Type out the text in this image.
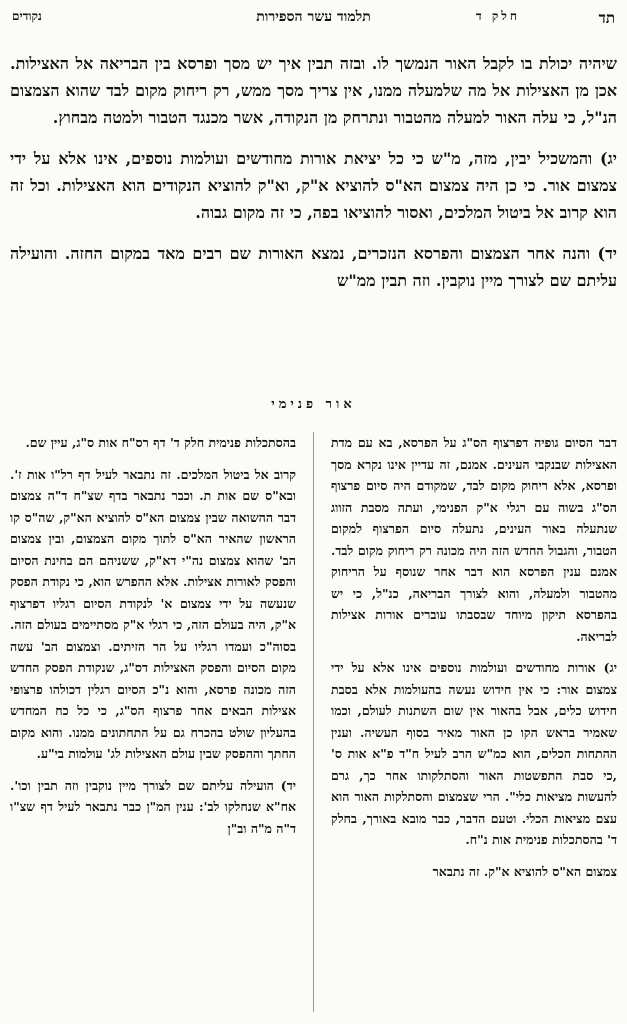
תד
חלק ד
תלמוד עשר הספירות
נקודים

שיהיה יכולת בו לקבל האור הנמשך לו. ובזה תבין איך יש מסך ופרסא בין הבריאה אל האצילות. אכן מן האצילות אל מה שלמעלה ממנו, אין צריך מסך ממש, רק ריחוק מקום לבד שהוא הצמצום הנ"ל, כי עלה האור למעלה מהטבור ונתרחק מן הנקודה, אשר מכנגד הטבור ולמטה מבחוץ.

יג) והמשכיל יבין, מזה, מ"ש כי כל יציאת אורות מחודשים ועולמות נוספים, אינו אלא על ידי צמצום אור. כי כן היה צמצום הא"ס להוציא א"ק, וא"ק להוציא הנקודים הוא האצילות. וכל זה הוא קרוב אל ביטול המלכים, ואסור להוציאו בפה, כי זה מקום גבוה.

יד) והנה אחר הצמצום והפרסא הנזכרים, נמצא האורות שם רבים מאד במקום החזה. והועילה עליתם שם לצורך מיין נוקבין. וזה תבין ממ"ש

אור פנימי

דבר הסיום גופיה דפרצוף הס"ג על הפרסא, בא עם מדת האצילות שבנקבי העינים. אמנם, זה עדיין אינו נקרא מסך ופרסא, אלא ריחוק מקום לבד, שמקודם היה סיום פרצוף הס"ג בשוה עם רגלי א"ק הפנימי, ועתה מסבת הזווג שנתעלה באור העינים, נתעלה סיום הפרצוף למקום הטבור, והגבול החדש הזה היה מכונה רק ריחוק מקום לבד. אמנם ענין הפרסא הוא דבר אחר שנוסף על הריחוק מהטבור ולמעלה, והוא לצורך הבריאה, כנ"ל, כי יש בהפרסא תיקון מיוחד שבסבתו עוברים אורות אצילות לבריאה.

יג) אורות מחודשים ועולמות נוספים אינו אלא על ידי צמצום אור: כי אין חידוש נעשה בהעולמות אלא בסבת חידוש כלים, אבל בהאור אין שום השתנות לעולם, וכמו שאמיר בראש הקו כן האור מאיר בסוף העשיה. וענין ההתחות הכלים, הוא כמ"ש הרב לעיל ח"ד פ"א אות ס' ,כי סבת התפשטות האור והסתלקותו אחר כך, גרם להעשות מציאות כלי". הרי שצמצום והסתלקות האור הוא עצם מציאות הכלי. וטעם הדבר, כבר מובא באורך, בחלק ד' בהסתכלות פנימית אות נ"ח.

צמצום הא"ס להוציא א"ק. זה נתבאר

בהסתכלות פנימית חלק ד' דף רס"ח אות ס"ג, עיין שם.

קרוב אל ביטול המלכים. זה נתבאר לעיל דף רל"ו אות ז'. ובא"ס שם אות ת. וכבר נתבאר בדף שצ"ח ד"ה צמצום דבר ההשואה שבין צמצום הא"ס להוציא הא"ק, שה"ס קו הראשון שהאיר הא"ס לתוך מקום הצמצום, ובין צמצום הב' שהוא צמצום נה"י דא"ק, ששניהם הם בחינת הסיום והפסק לאורות אצילות. אלא ההפרש הוא, כי נקודת הפסק שנעשה על ידי צמצום א' לנקודת הסיום רגליו דפרצוף א"ק, היה בעולם הזה, כי רגלי א"ק מסתיימים בעולם הזה. בסוה"כ ועמדו רגליו על הר הזיתים. וצמצום הב' עשה מקום הסיום והפסק האצילות דס"ג, שנקודת הפסק החדש הזה מכונה פרסא, והוא נ"כ הסיום רגלין דכולהו פרצופי אצילות הבאים אחר פרצוף הס"ג, כי כל כח המחדש בהעליון שולט בהכרח גם על התחתונים ממנו. והוא מקום החתך וההפסק שבין עולם האצילות לג' עולמות בי"ע.

יד) הועילה עליתם שם לצורך מיין נוקבין וזה תבין וכו'. אח"א שנחלקו לב': ענין המ"ן כבר נתבאר לעיל דף שצ"ו ד"ה מ"ה וב"ן
